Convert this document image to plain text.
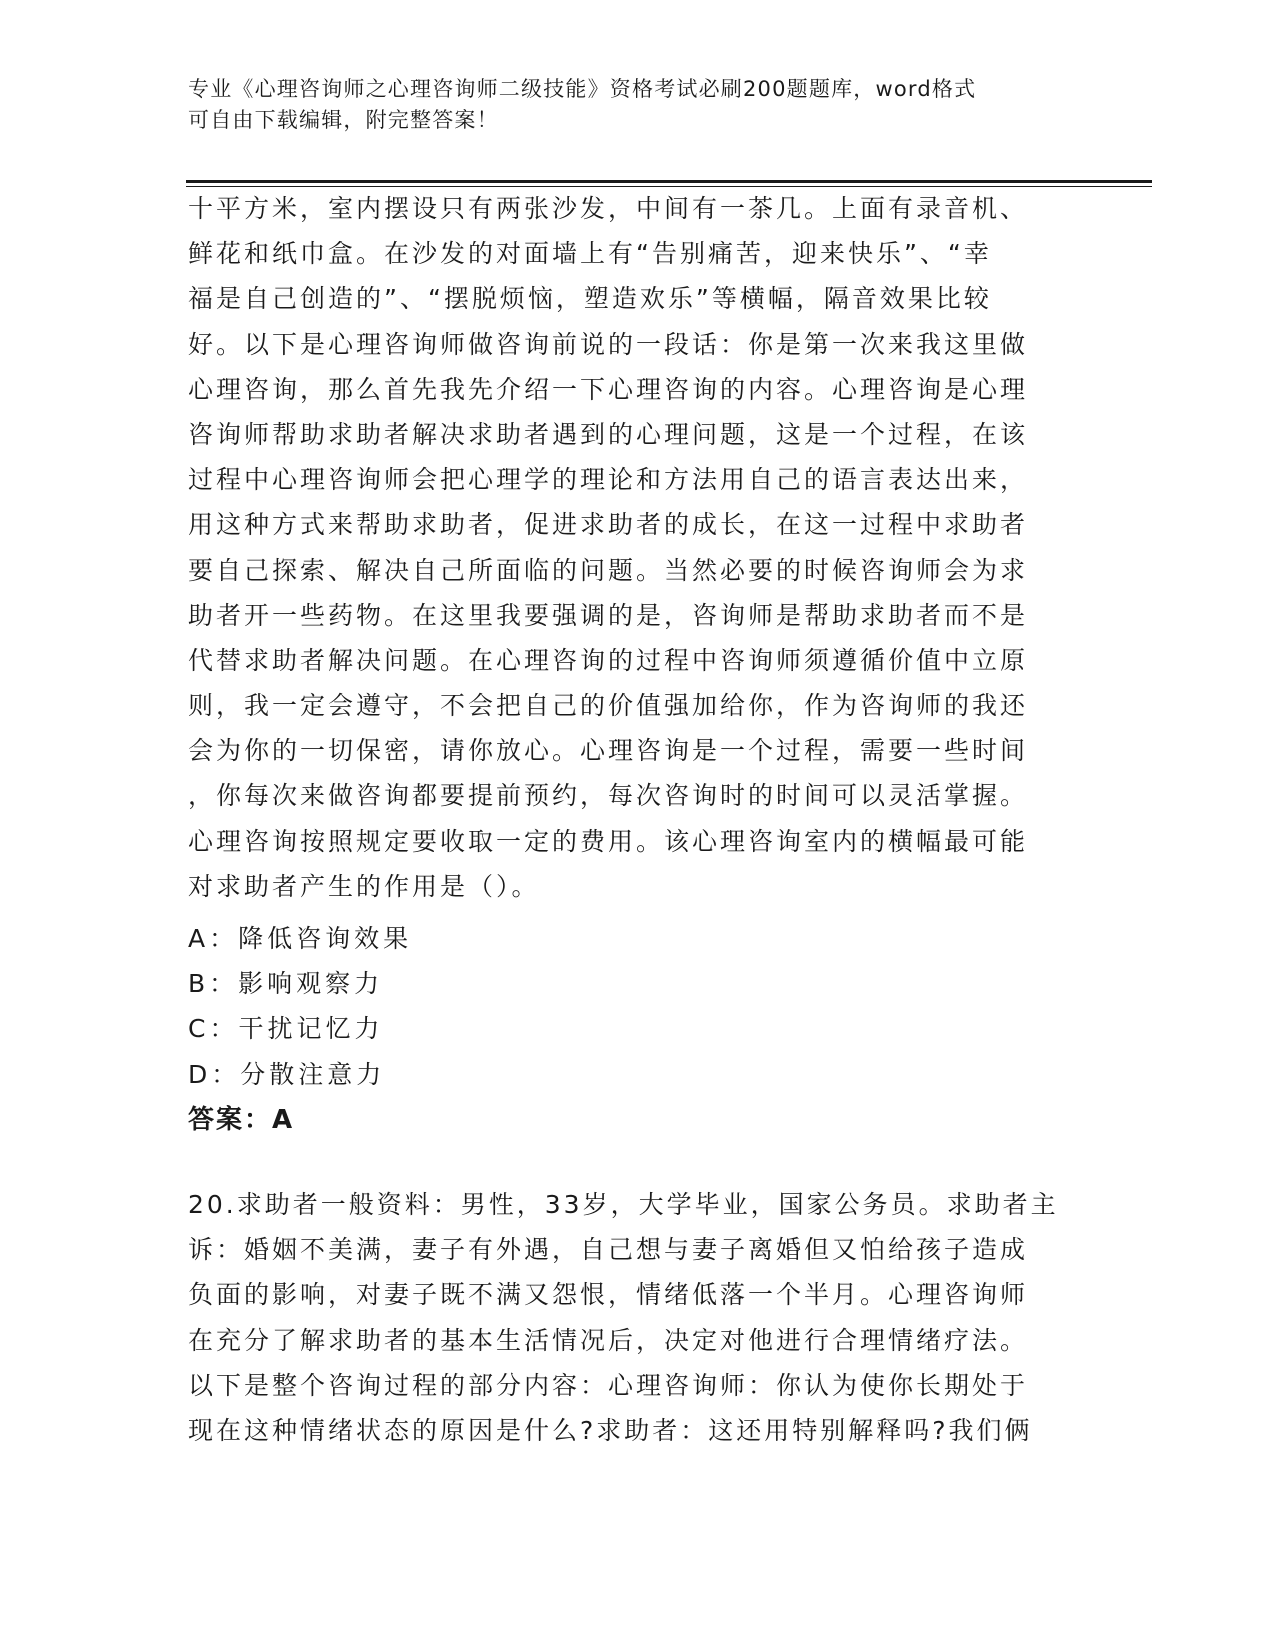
专业《心理咨询师之心理咨询师二级技能》资格考试必刷200题题库，word格式
可自由下载编辑，附完整答案！
十平方米，室内摆设只有两张沙发，中间有一茶几。上面有录音机、
鲜花和纸巾盒。在沙发的对面墙上有“告别痛苦，迎来快乐”、“幸
福是自己创造的”、“摆脱烦恼，塑造欢乐”等横幅，隔音效果比较
好。以下是心理咨询师做咨询前说的一段话：你是第一次来我这里做
心理咨询，那么首先我先介绍一下心理咨询的内容。心理咨询是心理
咨询师帮助求助者解决求助者遇到的心理问题，这是一个过程，在该
过程中心理咨询师会把心理学的理论和方法用自己的语言表达出来，
用这种方式来帮助求助者，促进求助者的成长，在这一过程中求助者
要自己探索、解决自己所面临的问题。当然必要的时候咨询师会为求
助者开一些药物。在这里我要强调的是，咨询师是帮助求助者而不是
代替求助者解决问题。在心理咨询的过程中咨询师须遵循价值中立原
则，我一定会遵守，不会把自己的价值强加给你，作为咨询师的我还
会为你的一切保密，请你放心。心理咨询是一个过程，需要一些时间
，你每次来做咨询都要提前预约，每次咨询时的时间可以灵活掌握。
心理咨询按照规定要收取一定的费用。该心理咨询室内的横幅最可能
对求助者产生的作用是（）。
A：降低咨询效果
B：影响观察力
C：干扰记忆力
D：分散注意力
答案：A
20.求助者一般资料：男性，33岁，大学毕业，国家公务员。求助者主
诉：婚姻不美满，妻子有外遇，自己想与妻子离婚但又怕给孩子造成
负面的影响，对妻子既不满又怨恨，情绪低落一个半月。心理咨询师
在充分了解求助者的基本生活情况后，决定对他进行合理情绪疗法。
以下是整个咨询过程的部分内容：心理咨询师：你认为使你长期处于
现在这种情绪状态的原因是什么?求助者：这还用特别解释吗?我们俩
